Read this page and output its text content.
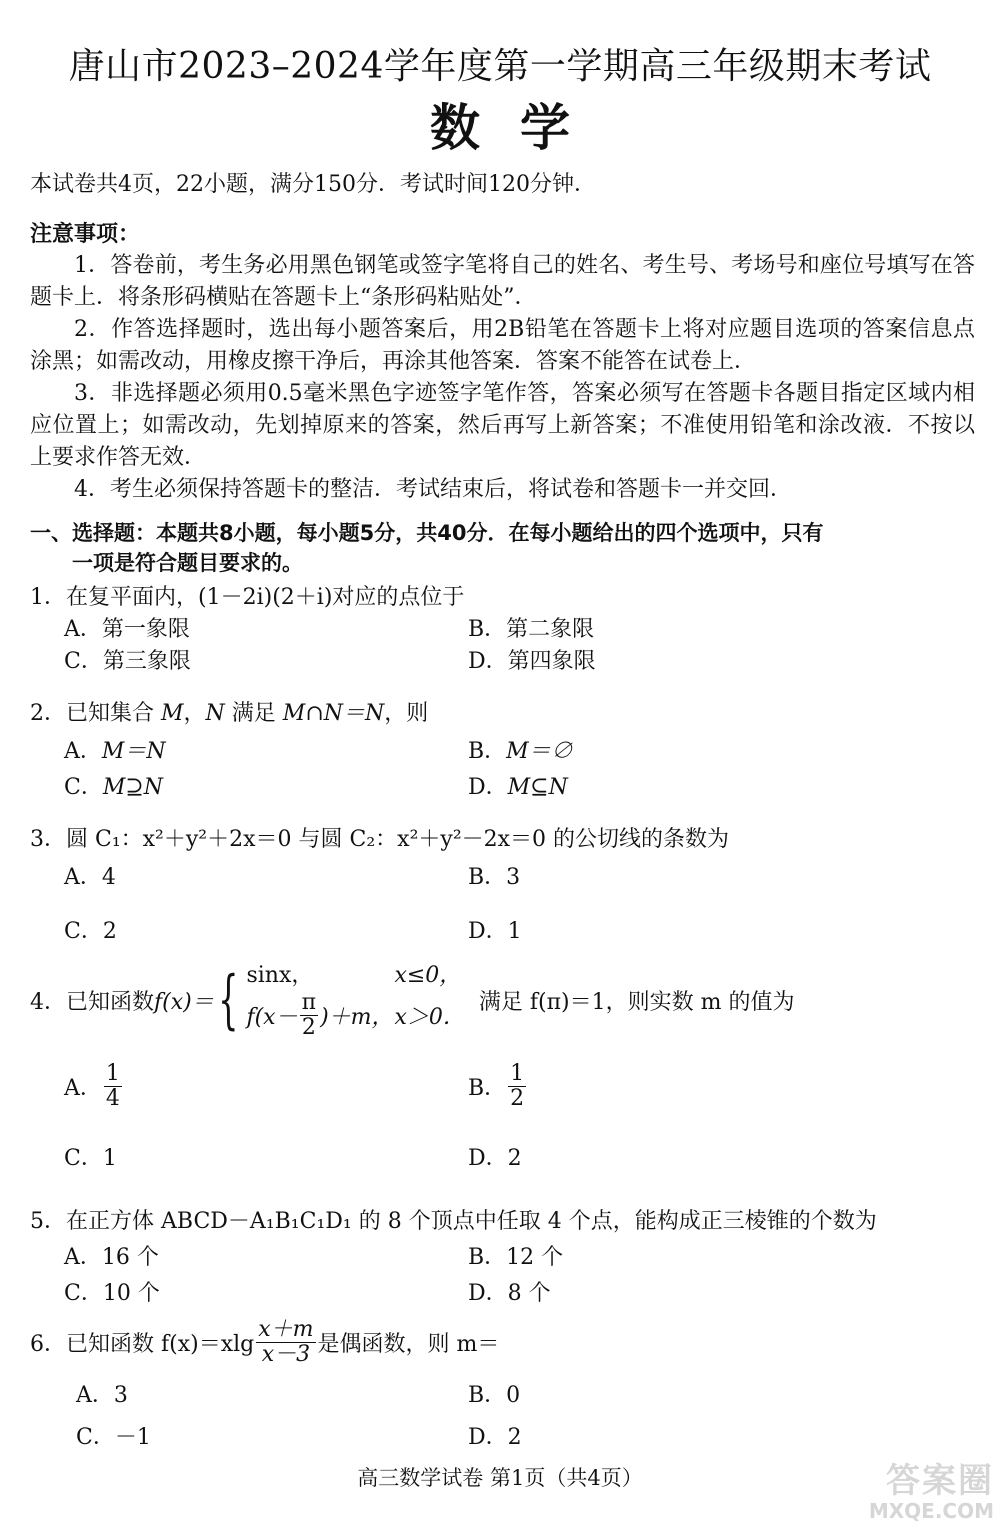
唐山市2023–2024学年度第一学期高三年级期末考试
数学
本试卷共4页，22小题，满分150分．考试时间120分钟．
注意事项：
1．答卷前，考生务必用黑色钢笔或签字笔将自己的姓名、考生号、考场号和座位号填写在答题卡上．将条形码横贴在答题卡上“条形码粘贴处”．
2．作答选择题时，选出每小题答案后，用2B铅笔在答题卡上将对应题目选项的答案信息点涂黑；如需改动，用橡皮擦干净后，再涂其他答案．答案不能答在试卷上．
3．非选择题必须用0.5毫米黑色字迹签字笔作答，答案必须写在答题卡各题目指定区域内相应位置上；如需改动，先划掉原来的答案，然后再写上新答案；不准使用铅笔和涂改液．不按以上要求作答无效．
4．考生必须保持答题卡的整洁．考试结束后，将试卷和答题卡一并交回．
一、选择题：本题共8小题，每小题5分，共40分．在每小题给出的四个选项中，只有
一项是符合题目要求的。
1．在复平面内，(1－2i)(2＋i)对应的点位于
A．第一象限	B．第二象限
C．第三象限	D．第四象限
2．已知集合 M，N 满足 M∩N＝N，则
A．M＝N	B．M＝∅
C．M⊇N	D．M⊆N
3．圆 C₁：x²＋y²＋2x＝0 与圆 C₂：x²＋y²－2x＝0 的公切线的条数为
A．4	B．3
C．2	D．1
4． 已知函数 f(x)＝ { sinx，	x≤0，
$f(x- \frac{\pi}{2} )+m$， x＞0．
满足 f(π)＝1，则实数 m 的值为
A． $\frac{1}{4}$	B． $\frac{1}{2}$
C．1	D．2
5．在正方体 ABCD－A₁B₁C₁D₁ 的 8 个顶点中任取 4 个点，能构成正三棱锥的个数为
A．16 个	B．12 个
C．10 个	D．8 个
6． 已知函数 $f(x)=xlg \frac{x+m}{x-3}$ 是偶函数，则 m＝
A．3	B．0
C．－1	D．2
高三数学试卷 第1页（共4页）	答案圈
MXQE.COM
